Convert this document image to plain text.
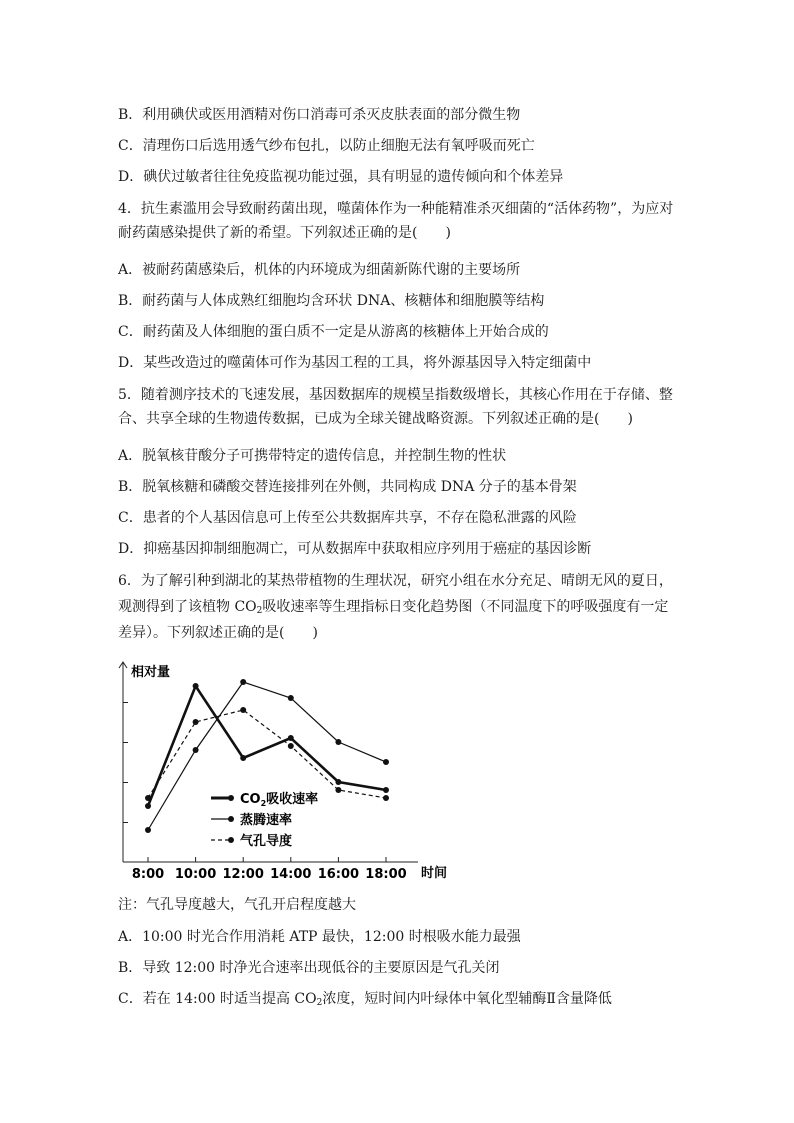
B．利用碘伏或医用酒精对伤口消毒可杀灭皮肤表面的部分微生物
C．清理伤口后选用透气纱布包扎，以防止细胞无法有氧呼吸而死亡
D．碘伏过敏者往往免疫监视功能过强，具有明显的遗传倾向和个体差异
4．抗生素滥用会导致耐药菌出现，噬菌体作为一种能精准杀灭细菌的“活体药物”，为应对
耐药菌感染提供了新的希望。下列叙述正确的是(　　)
A．被耐药菌感染后，机体的内环境成为细菌新陈代谢的主要场所
B．耐药菌与人体成熟红细胞均含环状 DNA、核糖体和细胞膜等结构
C．耐药菌及人体细胞的蛋白质不一定是从游离的核糖体上开始合成的
D．某些改造过的噬菌体可作为基因工程的工具，将外源基因导入特定细菌中
5．随着测序技术的飞速发展，基因数据库的规模呈指数级增长，其核心作用在于存储、整
合、共享全球的生物遗传数据，已成为全球关键战略资源。下列叙述正确的是(　　)
A．脱氧核苷酸分子可携带特定的遗传信息，并控制生物的性状
B．脱氧核糖和磷酸交替连接排列在外侧，共同构成 DNA 分子的基本骨架
C．患者的个人基因信息可上传至公共数据库共享，不存在隐私泄露的风险
D．抑癌基因抑制细胞凋亡，可从数据库中获取相应序列用于癌症的基因诊断
6．为了解引种到湖北的某热带植物的生理状况，研究小组在水分充足、晴朗无风的夏日，
观测得到了该植物 $CO_2$吸收速率等生理指标日变化趋势图（不同温度下的呼吸强度有一定
差异）。下列叙述正确的是(　　)
相对量
时间
8:00 10:00 12:00 14:00 16:00 18:00
$CO_2$吸收速率
蒸腾速率
气孔导度
注：气孔导度越大，气孔开启程度越大
A．10:00 时光合作用消耗 ATP 最快，12:00 时根吸水能力最强
B．导致 12:00 时净光合速率出现低谷的主要原因是气孔关闭
C．若在 14:00 时适当提高 $CO_2$浓度，短时间内叶绿体中氧化型辅酶Ⅱ含量降低
